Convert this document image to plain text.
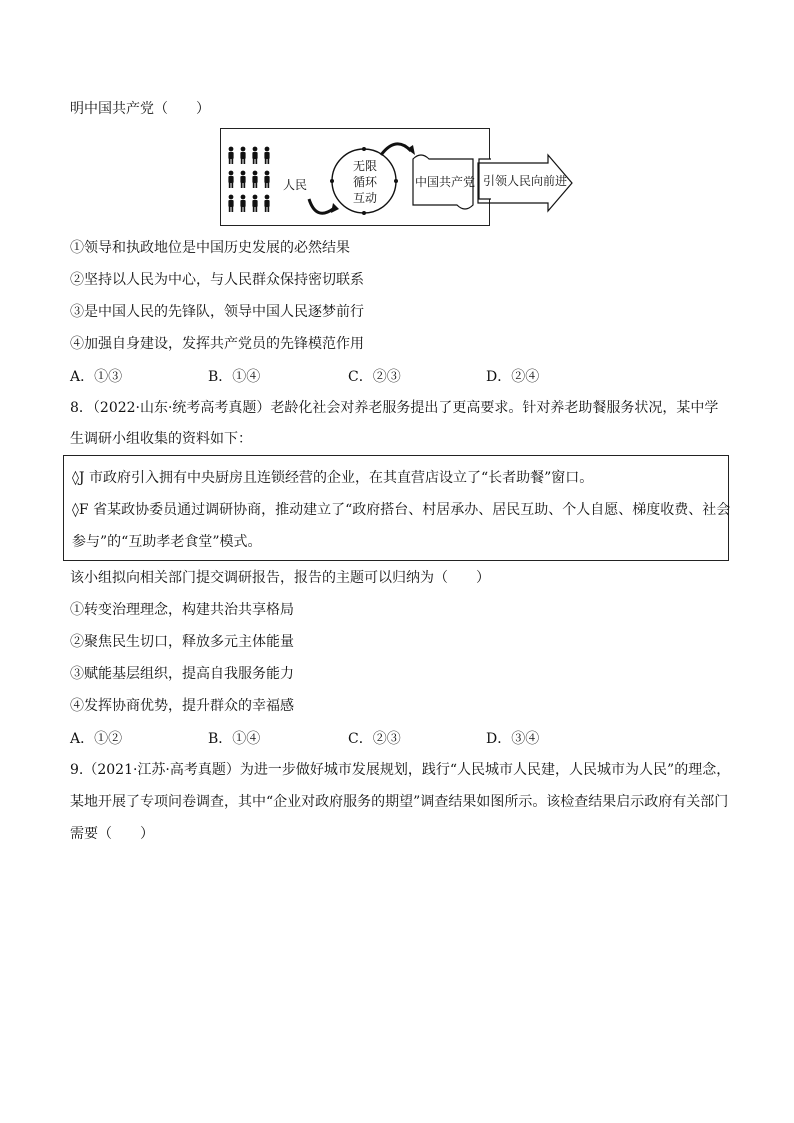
明中国共产党（　　）
人民
无限
循环
互动
中国共产党 引领人民向前进
①领导和执政地位是中国历史发展的必然结果
②坚持以人民为中心，与人民群众保持密切联系
③是中国人民的先锋队，领导中国人民逐梦前行
④加强自身建设，发挥共产党员的先锋模范作用
A．①③	B．①④	C．②③	D．②④
8．（2022·山东·统考高考真题）老龄化社会对养老服务提出了更高要求。针对养老助餐服务状况，某中学
生调研小组收集的资料如下：
◊J 市政府引入拥有中央厨房且连锁经营的企业，在其直营店设立了“长者助餐”窗口。
◊F 省某政协委员通过调研协商，推动建立了“政府搭台、村居承办、居民互助、个人自愿、梯度收费、社会
参与”的“互助孝老食堂”模式。
该小组拟向相关部门提交调研报告，报告的主题可以归纳为（　　）
①转变治理理念，构建共治共享格局
②聚焦民生切口，释放多元主体能量
③赋能基层组织，提高自我服务能力
④发挥协商优势，提升群众的幸福感
A．①②	B．①④	C．②③	D．③④
9.（2021·江苏·高考真题）为进一步做好城市发展规划，践行“人民城市人民建，人民城市为人民”的理念，
某地开展了专项问卷调查，其中“企业对政府服务的期望”调查结果如图所示。该检查结果启示政府有关部门
需要（　　）
